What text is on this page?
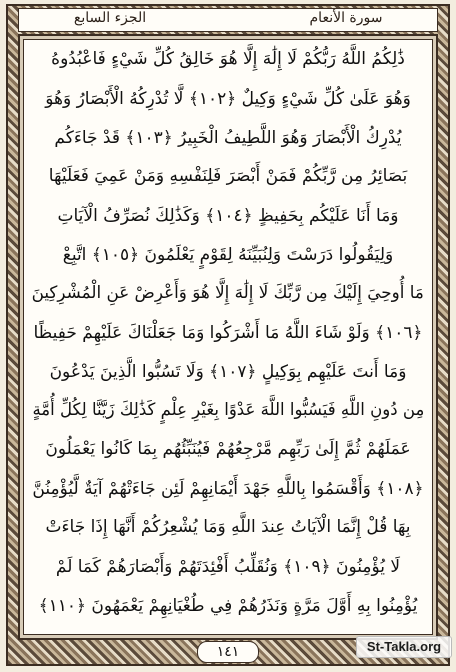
الجزء السابع	سورة الأنعام
ذَٰلِكُمُ اللَّهُ رَبُّكُمْ لَا إِلَٰهَ إِلَّا هُوَ خَالِقُ كُلِّ شَيْءٍ فَاعْبُدُوهُ
وَهُوَ عَلَىٰ كُلِّ شَيْءٍ وَكِيلٌ ﴿١٠٢﴾ لَّا تُدْرِكُهُ الْأَبْصَارُ وَهُوَ
يُدْرِكُ الْأَبْصَارَ وَهُوَ اللَّطِيفُ الْخَبِيرُ ﴿١٠٣﴾ قَدْ جَاءَكُم
بَصَائِرُ مِن رَّبِّكُمْ فَمَنْ أَبْصَرَ فَلِنَفْسِهِ وَمَنْ عَمِيَ فَعَلَيْهَا
وَمَا أَنَا عَلَيْكُم بِحَفِيظٍ ﴿١٠٤﴾ وَكَذَٰلِكَ نُصَرِّفُ الْآيَاتِ
وَلِيَقُولُوا دَرَسْتَ وَلِنُبَيِّنَهُ لِقَوْمٍ يَعْلَمُونَ ﴿١٠٥﴾ اتَّبِعْ
مَا أُوحِيَ إِلَيْكَ مِن رَّبِّكَ لَا إِلَٰهَ إِلَّا هُوَ وَأَعْرِضْ عَنِ الْمُشْرِكِينَ
﴿١٠٦﴾ وَلَوْ شَاءَ اللَّهُ مَا أَشْرَكُوا وَمَا جَعَلْنَاكَ عَلَيْهِمْ حَفِيظًا
وَمَا أَنتَ عَلَيْهِم بِوَكِيلٍ ﴿١٠٧﴾ وَلَا تَسُبُّوا الَّذِينَ يَدْعُونَ
مِن دُونِ اللَّهِ فَيَسُبُّوا اللَّهَ عَدْوًا بِغَيْرِ عِلْمٍ كَذَٰلِكَ زَيَّنَّا لِكُلِّ أُمَّةٍ
عَمَلَهُمْ ثُمَّ إِلَىٰ رَبِّهِم مَّرْجِعُهُمْ فَيُنَبِّئُهُم بِمَا كَانُوا يَعْمَلُونَ
﴿١٠٨﴾ وَأَقْسَمُوا بِاللَّهِ جَهْدَ أَيْمَانِهِمْ لَئِن جَاءَتْهُمْ آيَةٌ لَّيُؤْمِنُنَّ
بِهَا قُلْ إِنَّمَا الْآيَاتُ عِندَ اللَّهِ وَمَا يُشْعِرُكُمْ أَنَّهَا إِذَا جَاءَتْ
لَا يُؤْمِنُونَ ﴿١٠٩﴾ وَنُقَلِّبُ أَفْئِدَتَهُمْ وَأَبْصَارَهُمْ كَمَا لَمْ
يُؤْمِنُوا بِهِ أَوَّلَ مَرَّةٍ وَنَذَرُهُمْ فِي طُغْيَانِهِمْ يَعْمَهُونَ ﴿١١٠﴾
١٤١	St-Takla.org
